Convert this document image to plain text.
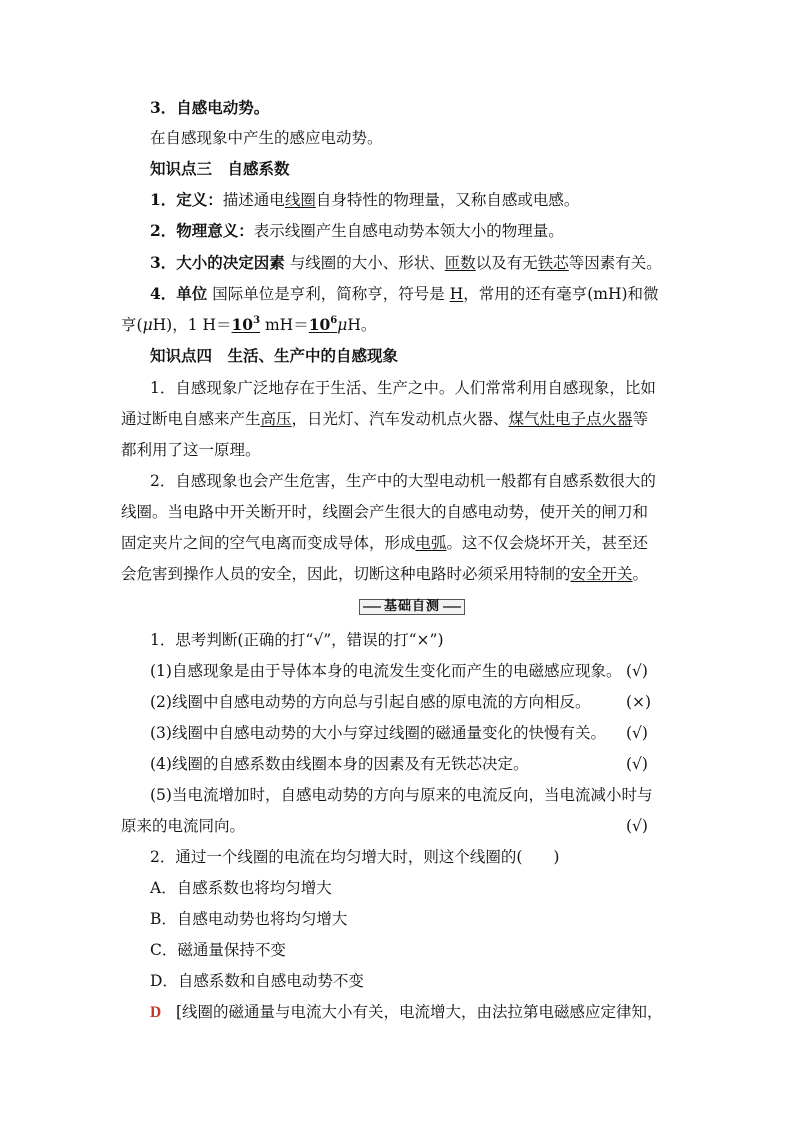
3．自感电动势。
在自感现象中产生的感应电动势。
知识点三　自感系数
1．定义：描述通电线圈自身特性的物理量，又称自感或电感。
2．物理意义：表示线圈产生自感电动势本领大小的物理量。
3．大小的决定因素 与线圈的大小、形状、匝数以及有无铁芯等因素有关。
4．单位 国际单位是亨利，简称亨，符号是 H，常用的还有毫亨(mH)和微
亨(μH)，1 $H=10^3$ $mH=10^6\mu H$。
知识点四　生活、生产中的自感现象
1．自感现象广泛地存在于生活、生产之中。人们常常利用自感现象，比如
通过断电自感来产生高压，日光灯、汽车发动机点火器、煤气灶电子点火器等
都利用了这一原理。
2．自感现象也会产生危害，生产中的大型电动机一般都有自感系数很大的
线圈。当电路中开关断开时，线圈会产生很大的自感电动势，使开关的闸刀和
固定夹片之间的空气电离而变成导体，形成电弧。这不仅会烧坏开关，甚至还
会危害到操作人员的安全，因此，切断这种电路时必须采用特制的安全开关。
基础自测
1．思考判断(正确的打“√”，错误的打“×”)
(1)自感现象是由于导体本身的电流发生变化而产生的电磁感应现象。 (√)
(2)线圈中自感电动势的方向总与引起自感的原电流的方向相反。 (×)
(3)线圈中自感电动势的大小与穿过线圈的磁通量变化的快慢有关。 (√)
(4)线圈的自感系数由线圈本身的因素及有无铁芯决定。	(√)
(5)当电流增加时，自感电动势的方向与原来的电流反向，当电流减小时与
原来的电流同向。	(√)
2．通过一个线圈的电流在均匀增大时，则这个线圈的(　　)
A．自感系数也将均匀增大
B．自感电动势也将均匀增大
C．磁通量保持不变
D．自感系数和自感电动势不变
D [线圈的磁通量与电流大小有关，电流增大，由法拉第电磁感应定律知，
